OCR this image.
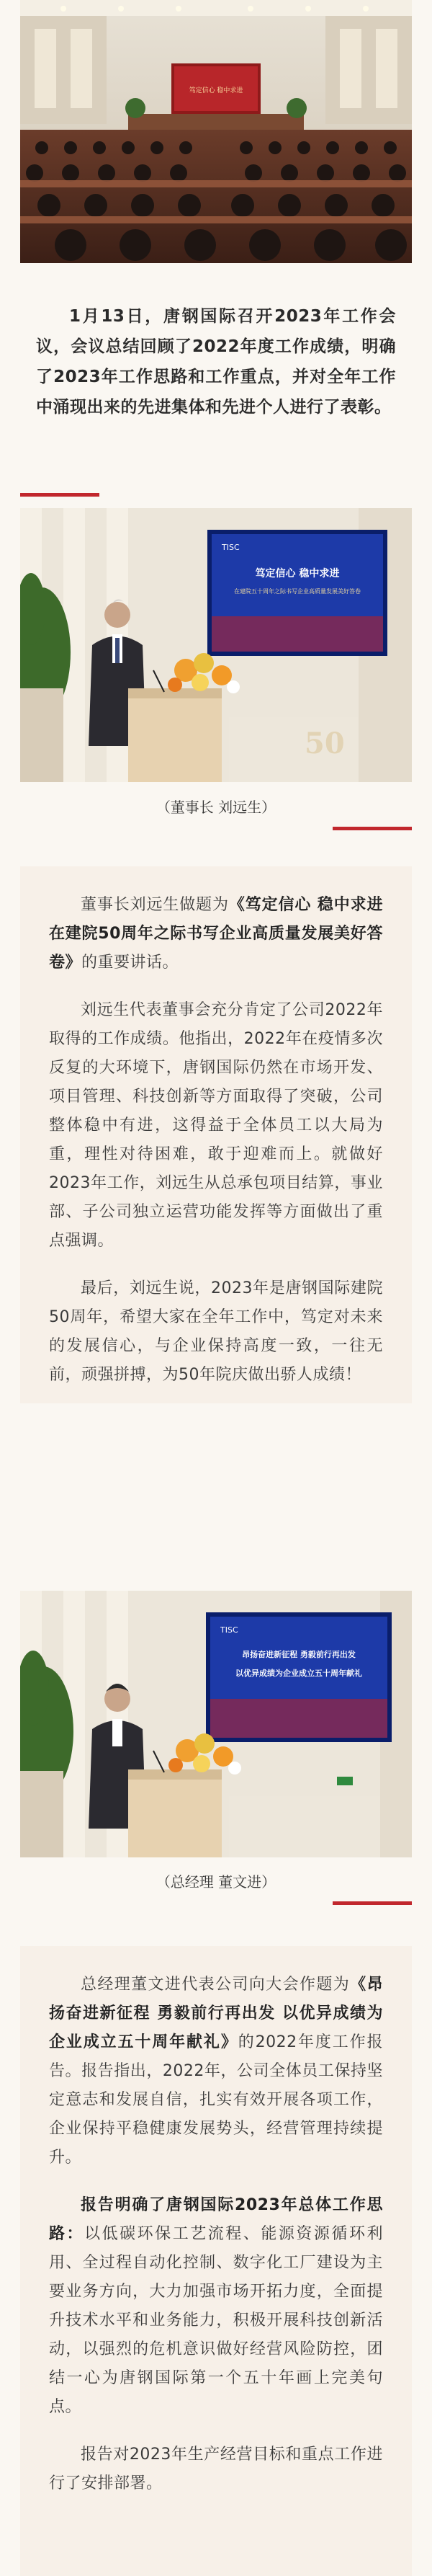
笃定信心 稳中求进
1月13日，唐钢国际召开2023年工作会议，会议总结回顾了2022年度工作成绩，明确了2023年工作思路和工作重点，并对全年工作中涌现出来的先进集体和先进个人进行了表彰。
TISC
笃定信心 稳中求进
在建院五十周年之际书写企业高质量发展美好答卷
（董事长 刘远生）

董事长刘远生做题为《笃定信心 稳中求进 在建院50周年之际书写企业高质量发展美好答卷》的重要讲话。

刘远生代表董事会充分肯定了公司2022年取得的工作成绩。他指出，2022年在疫情多次反复的大环境下，唐钢国际仍然在市场开发、项目管理、科技创新等方面取得了突破，公司整体稳中有进，这得益于全体员工以大局为重，理性对待困难，敢于迎难而上。就做好2023年工作，刘远生从总承包项目结算，事业部、子公司独立运营功能发挥等方面做出了重点强调。

最后，刘远生说，2023年是唐钢国际建院50周年，希望大家在全年工作中，笃定对未来的发展信心，与企业保持高度一致，一往无前，顽强拼搏，为50年院庆做出骄人成绩！

TISC
昂扬奋进新征程 勇毅前行再出发
以优异成绩为企业成立五十周年献礼
（总经理 董文进）

总经理董文进代表公司向大会作题为《昂扬奋进新征程 勇毅前行再出发 以优异成绩为企业成立五十周年献礼》的2022年度工作报告。报告指出，2022年，公司全体员工保持坚定意志和发展自信，扎实有效开展各项工作，企业保持平稳健康发展势头，经营管理持续提升。

报告明确了唐钢国际2023年总体工作思路：以低碳环保工艺流程、能源资源循环利用、全过程自动化控制、数字化工厂建设为主要业务方向，大力加强市场开拓力度，全面提升技术水平和业务能力，积极开展科技创新活动，以强烈的危机意识做好经营风险防控，团结一心为唐钢国际第一个五十年画上完美句点。

报告对2023年生产经营目标和重点工作进行了安排部署。
